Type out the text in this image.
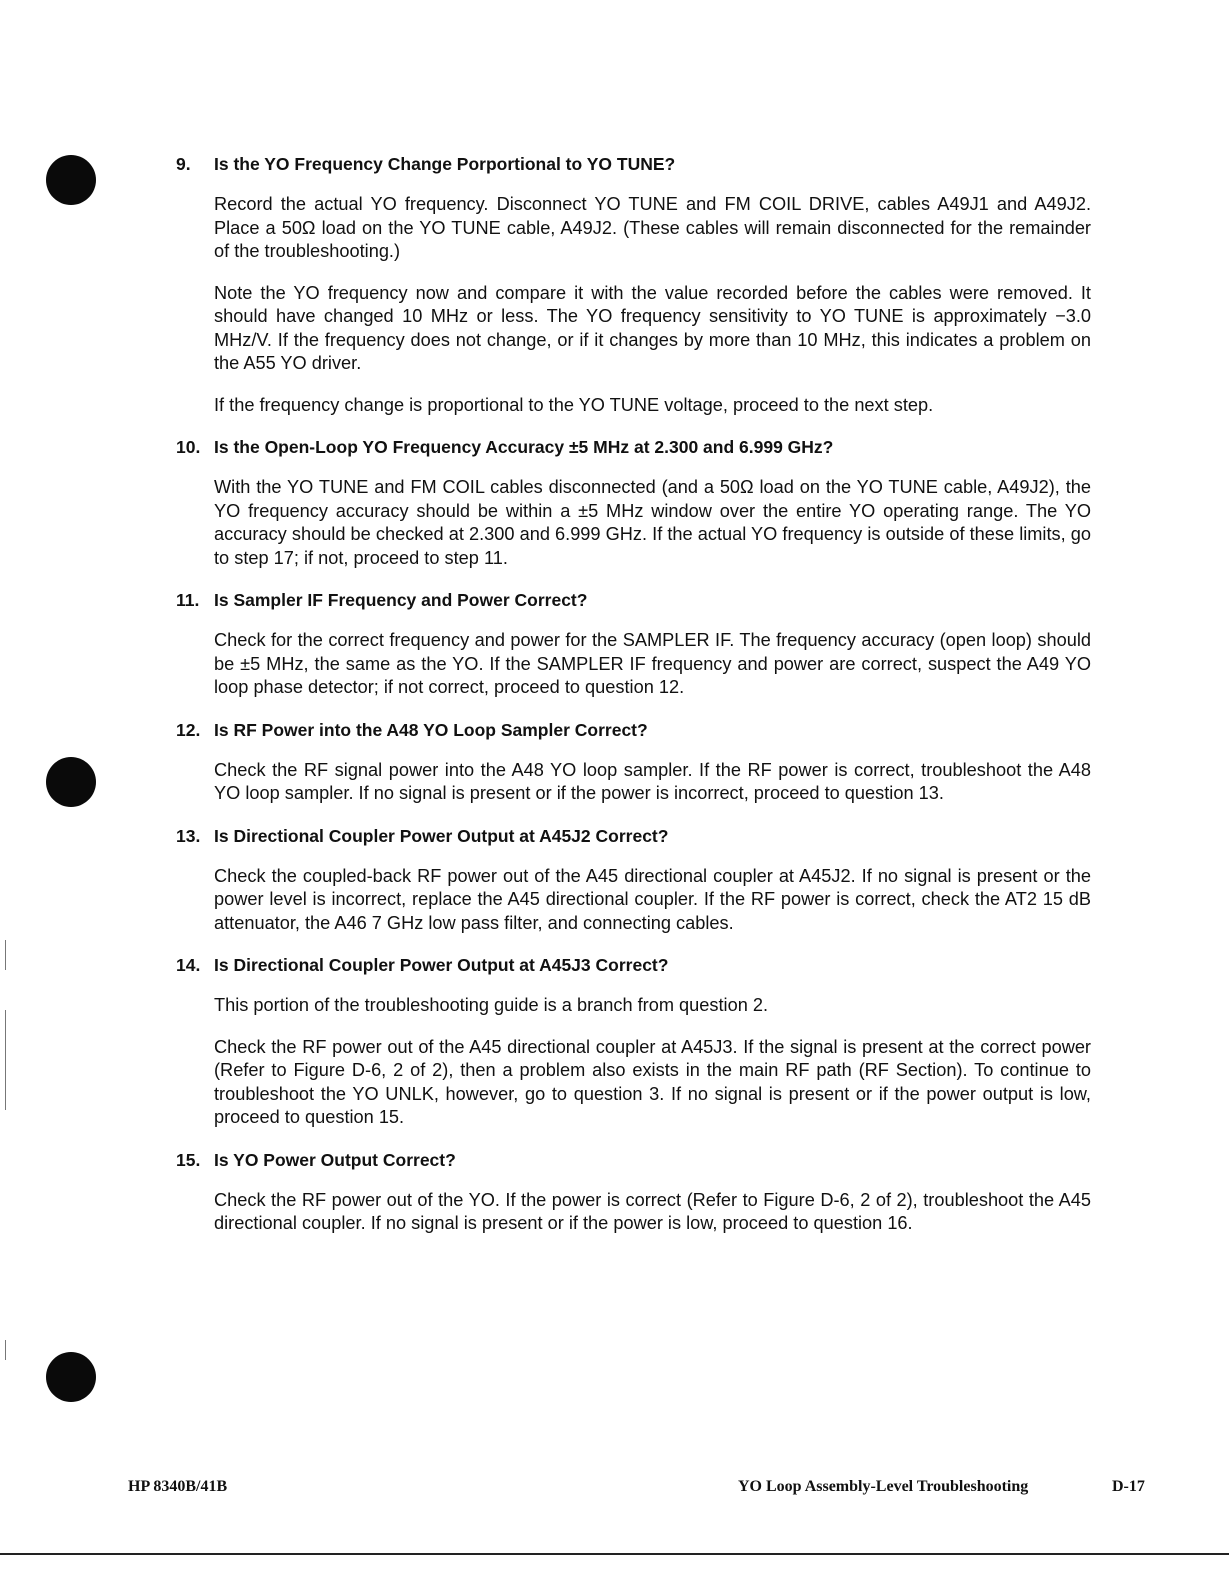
9. Is the YO Frequency Change Porportional to YO TUNE?

Record the actual YO frequency. Disconnect YO TUNE and FM COIL DRIVE, cables A49J1 and A49J2. Place a 50Ω load on the YO TUNE cable, A49J2. (These cables will remain disconnected for the remainder of the troubleshooting.)

Note the YO frequency now and compare it with the value recorded before the cables were removed. It should have changed 10 MHz or less. The YO frequency sensitivity to YO TUNE is approximately −3.0 MHz/V. If the frequency does not change, or if it changes by more than 10 MHz, this indicates a problem on the A55 YO driver.

If the frequency change is proportional to the YO TUNE voltage, proceed to the next step.

10. Is the Open-Loop YO Frequency Accuracy ±5 MHz at 2.300 and 6.999 GHz?

With the YO TUNE and FM COIL cables disconnected (and a 50Ω load on the YO TUNE cable, A49J2), the YO frequency accuracy should be within a ±5 MHz window over the entire YO operating range. The YO accuracy should be checked at 2.300 and 6.999 GHz. If the actual YO frequency is outside of these limits, go to step 17; if not, proceed to step 11.

11. Is Sampler IF Frequency and Power Correct?

Check for the correct frequency and power for the SAMPLER IF. The frequency accuracy (open loop) should be ±5 MHz, the same as the YO. If the SAMPLER IF frequency and power are correct, suspect the A49 YO loop phase detector; if not correct, proceed to question 12.

12. Is RF Power into the A48 YO Loop Sampler Correct?

Check the RF signal power into the A48 YO loop sampler. If the RF power is correct, troubleshoot the A48 YO loop sampler. If no signal is present or if the power is incorrect, proceed to question 13.

13. Is Directional Coupler Power Output at A45J2 Correct?

Check the coupled-back RF power out of the A45 directional coupler at A45J2. If no signal is present or the power level is incorrect, replace the A45 directional coupler. If the RF power is correct, check the AT2 15 dB attenuator, the A46 7 GHz low pass filter, and connecting cables.

14. Is Directional Coupler Power Output at A45J3 Correct?

This portion of the troubleshooting guide is a branch from question 2.

Check the RF power out of the A45 directional coupler at A45J3. If the signal is present at the correct power (Refer to Figure D-6, 2 of 2), then a problem also exists in the main RF path (RF Section). To continue to troubleshoot the YO UNLK, however, go to question 3. If no signal is present or if the power output is low, proceed to question 15.

15. Is YO Power Output Correct?

Check the RF power out of the YO. If the power is correct (Refer to Figure D-6, 2 of 2), troubleshoot the A45 directional coupler. If no signal is present or if the power is low, proceed to question 16.

HP 8340B/41B	YO Loop Assembly-Level Troubleshooting	D-17
